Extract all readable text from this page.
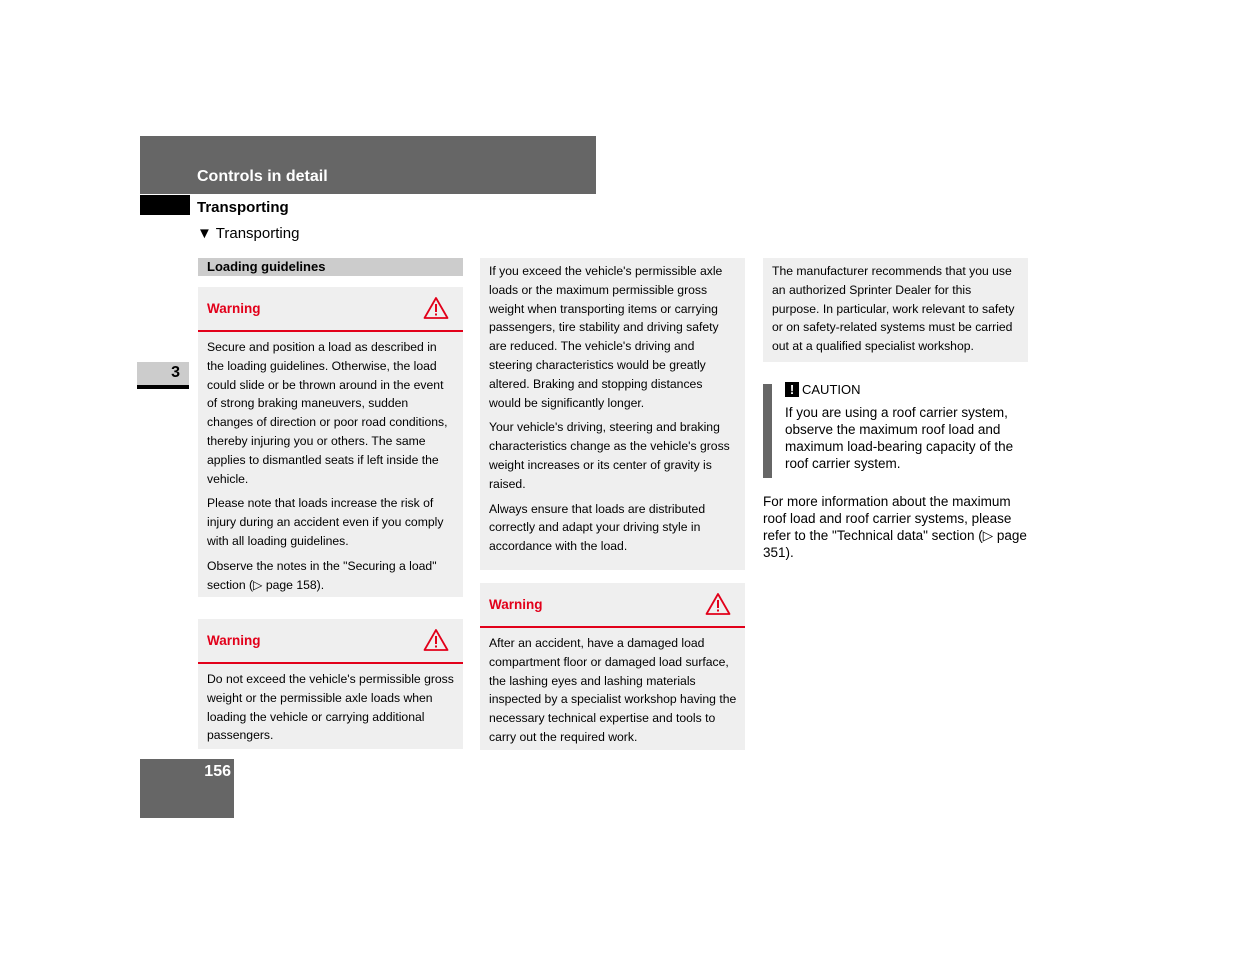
Controls in detail
Transporting
▼ Transporting
3
Loading guidelines
Warning

Secure and position a load as described in the loading guidelines. Otherwise, the load could slide or be thrown around in the event of strong braking maneuvers, sudden changes of direction or poor road conditions, thereby injuring you or others. The same applies to dismantled seats if left inside the vehicle.

Please note that loads increase the risk of injury during an accident even if you comply with all loading guidelines.

Observe the notes in the "Securing a load" section (▷ page 158).

Warning

Do not exceed the vehicle's permissible gross weight or the permissible axle loads when loading the vehicle or carrying additional passengers.

If you exceed the vehicle's permissible axle loads or the maximum permissible gross weight when transporting items or carrying passengers, tire stability and driving safety are reduced. The vehicle's driving and steering characteristics would be greatly altered. Braking and stopping distances would be significantly longer.

Your vehicle's driving, steering and braking characteristics change as the vehicle's gross weight increases or its center of gravity is raised.

Always ensure that loads are distributed correctly and adapt your driving style in accordance with the load.

Warning

After an accident, have a damaged load compartment floor or damaged load surface, the lashing eyes and lashing materials inspected by a specialist workshop having the necessary technical expertise and tools to carry out the required work.

The manufacturer recommends that you use an authorized Sprinter Dealer for this purpose. In particular, work relevant to safety or on safety-related systems must be carried out at a qualified specialist workshop.

! CAUTION
If you are using a roof carrier system, observe the maximum roof load and maximum load-bearing capacity of the roof carrier system.
For more information about the maximum roof load and roof carrier systems, please refer to the "Technical data" section (▷ page 351).
156
